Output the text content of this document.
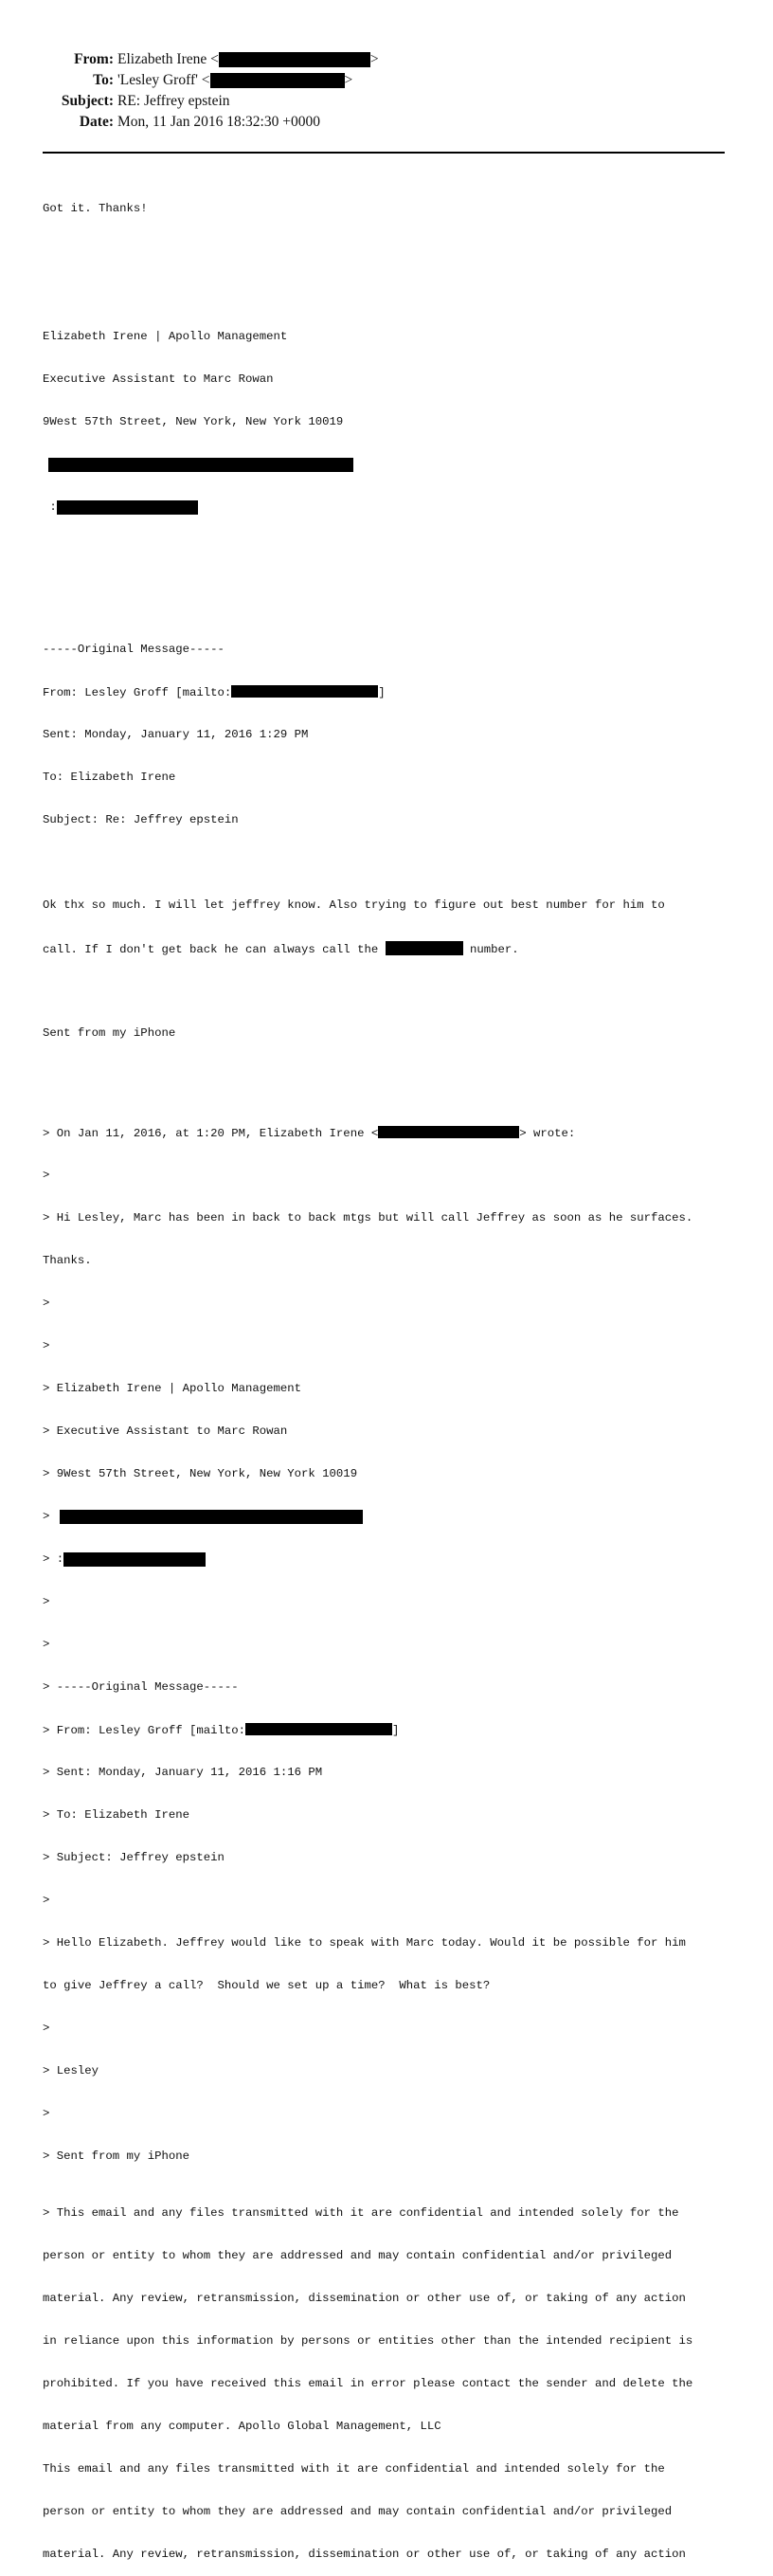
From: Elizabeth Irene <	>
To: 'Lesley Groff' <	>
Subject: RE: Jeffrey epstein
Date: Mon, 11 Jan 2016 18:32:30 +0000

Got it. Thanks!

Elizabeth Irene | Apollo Management

Executive Assistant to Marc Rowan

9West 57th Street, New York, New York 10019

:

-----Original Message-----

From: Lesley Groff [mailto:	]

Sent: Monday, January 11, 2016 1:29 PM

To: Elizabeth Irene

Subject: Re: Jeffrey epstein

Ok thx so much. I will let jeffrey know. Also trying to figure out best number for him to

call. If I don't get back he can always call the	number.

Sent from my iPhone

> On Jan 11, 2016, at 1:20 PM, Elizabeth Irene <	> wrote:

>

> Hi Lesley, Marc has been in back to back mtgs but will call Jeffrey as soon as he surfaces.

Thanks.

>

>

> Elizabeth Irene | Apollo Management

> Executive Assistant to Marc Rowan

> 9West 57th Street, New York, New York 10019

>

> :

>

>

> -----Original Message-----

> From: Lesley Groff [mailto:	]

> Sent: Monday, January 11, 2016 1:16 PM

> To: Elizabeth Irene

> Subject: Jeffrey epstein

>

> Hello Elizabeth. Jeffrey would like to speak with Marc today. Would it be possible for him

to give Jeffrey a call?  Should we set up a time?  What is best?

>

> Lesley

>

> Sent from my iPhone

> This email and any files transmitted with it are confidential and intended solely for the

person or entity to whom they are addressed and may contain confidential and/or privileged

material. Any review, retransmission, dissemination or other use of, or taking of any action

in reliance upon this information by persons or entities other than the intended recipient is

prohibited. If you have received this email in error please contact the sender and delete the

material from any computer. Apollo Global Management, LLC

This email and any files transmitted with it are confidential and intended solely for the

person or entity to whom they are addressed and may contain confidential and/or privileged

material. Any review, retransmission, dissemination or other use of, or taking of any action
